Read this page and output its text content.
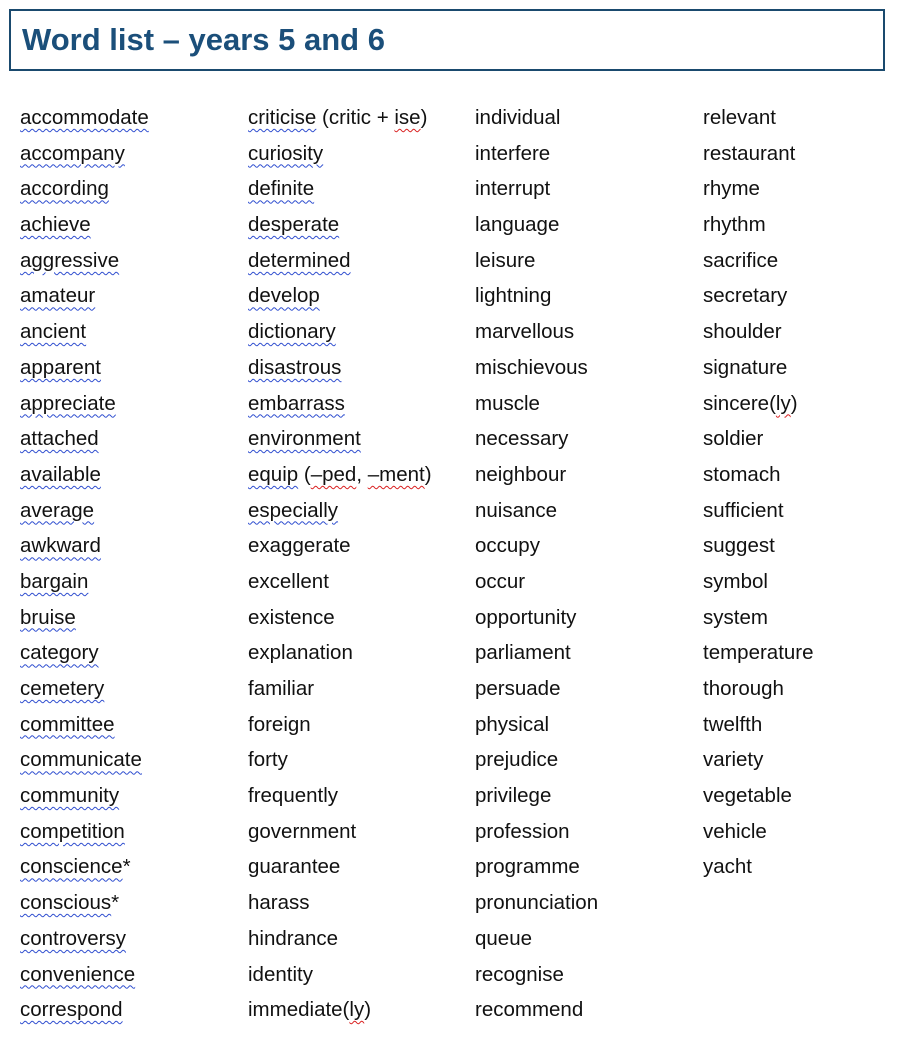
Word list – years 5 and 6
accommodate
accompany
according
achieve
aggressive
amateur
ancient
apparent
appreciate
attached
available
average
awkward
bargain
bruise
category
cemetery
committee
communicate
community
competition
conscience*
conscious*
controversy
convenience
correspond
criticise (critic + ise)
curiosity
definite
desperate
determined
develop
dictionary
disastrous
embarrass
environment
equip (–ped, –ment)
especially
exaggerate
excellent
existence
explanation
familiar
foreign
forty
frequently
government
guarantee
harass
hindrance
identity
immediate(ly)
individual
interfere
interrupt
language
leisure
lightning
marvellous
mischievous
muscle
necessary
neighbour
nuisance
occupy
occur
opportunity
parliament
persuade
physical
prejudice
privilege
profession
programme
pronunciation
queue
recognise
recommend
relevant
restaurant
rhyme
rhythm
sacrifice
secretary
shoulder
signature
sincere(ly)
soldier
stomach
sufficient
suggest
symbol
system
temperature
thorough
twelfth
variety
vegetable
vehicle
yacht
